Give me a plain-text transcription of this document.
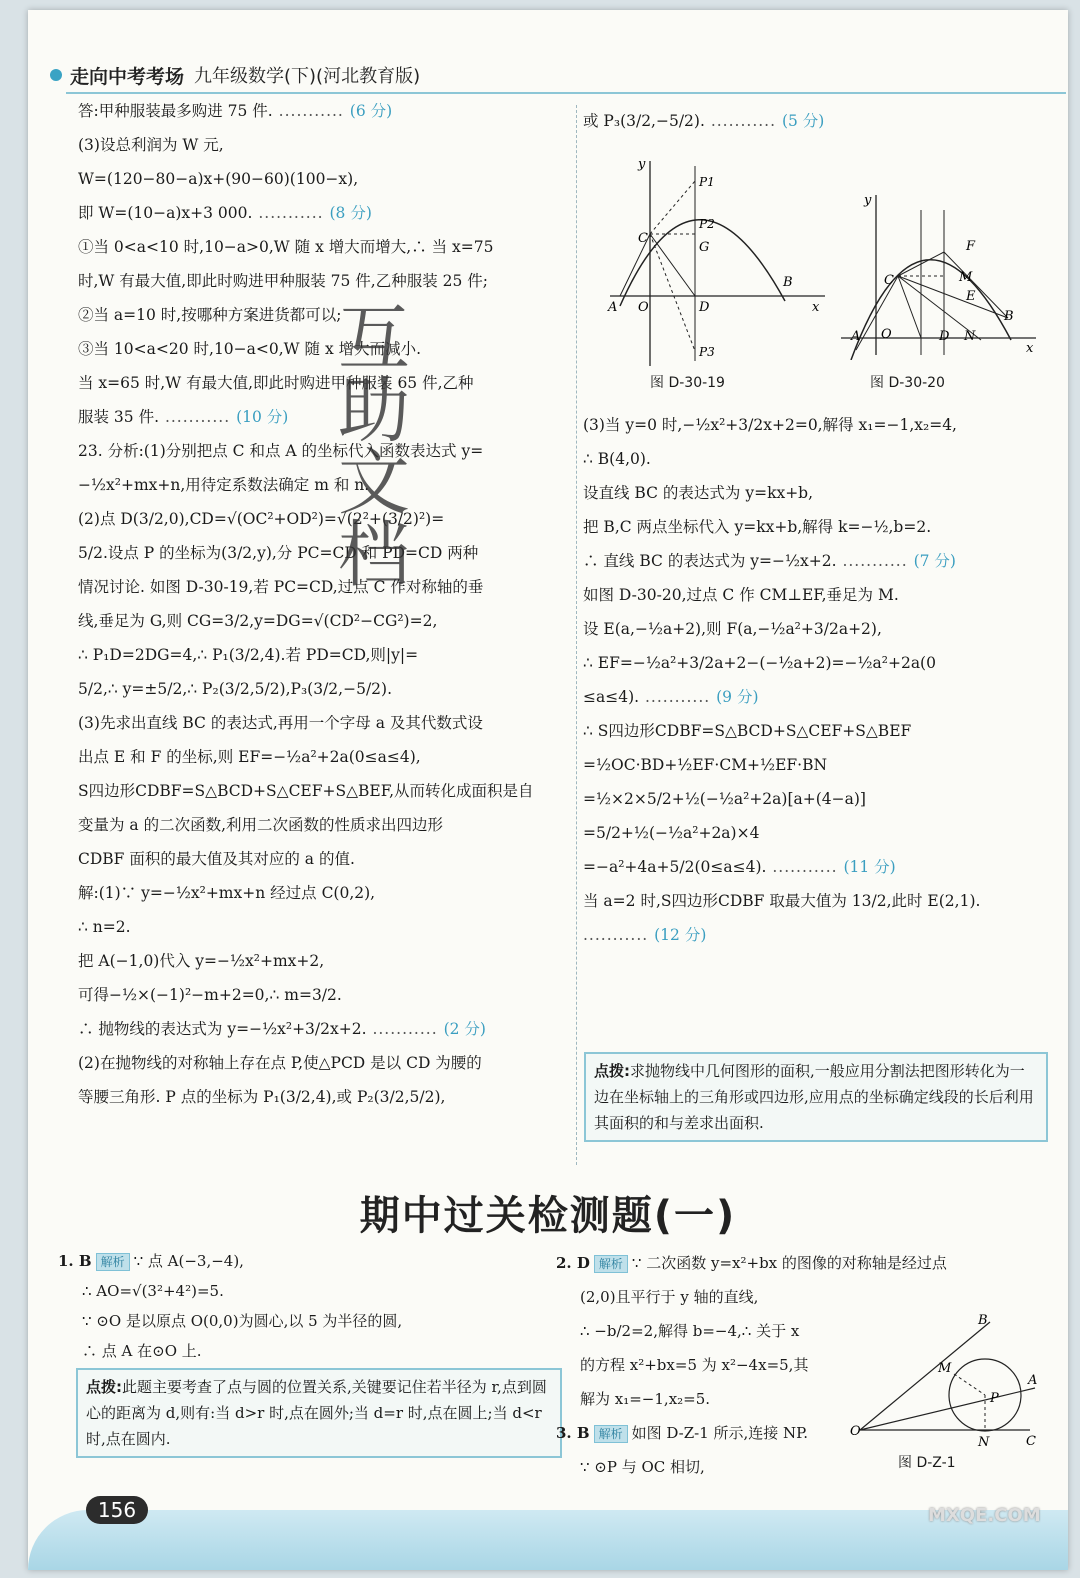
走向中考考场 九年级数学(下)(河北教育版)

答:甲种服装最多购进 75 件. ........... (6 分)

(3)设总利润为 W 元,

W=(120−80−a)x+(90−60)(100−x),

即 W=(10−a)x+3 000. ........... (8 分)

①当 0<a<10 时,10−a>0,W 随 x 增大而增大,∴ 当 x=75

时,W 有最大值,即此时购进甲种服装 75 件,乙种服装 25 件;

②当 a=10 时,按哪种方案进货都可以;

③当 10<a<20 时,10−a<0,W 随 x 增大而减小.

当 x=65 时,W 有最大值,即此时购进甲种服装 65 件,乙种

服装 35 件. ........... (10 分)

23. 分析:(1)分别把点 C 和点 A 的坐标代入函数表达式 y=

−½x²+mx+n,用待定系数法确定 m 和 n.

(2)点 D(3/2,0),CD=√(OC²+OD²)=√(2²+(3/2)²)=

5/2.设点 P 的坐标为(3/2,y),分 PC=CD 和 PD=CD 两种

情况讨论. 如图 D-30-19,若 PC=CD,过点 C 作对称轴的垂

线,垂足为 G,则 CG=3/2,y=DG=√(CD²−CG²)=2,

∴ P₁D=2DG=4,∴ P₁(3/2,4).若 PD=CD,则|y|=

5/2,∴ y=±5/2,∴ P₂(3/2,5/2),P₃(3/2,−5/2).

(3)先求出直线 BC 的表达式,再用一个字母 a 及其代数式设

出点 E 和 F 的坐标,则 EF=−½a²+2a(0≤a≤4),

S四边形CDBF=S△BCD+S△CEF+S△BEF,从而转化成面积是自

变量为 a 的二次函数,利用二次函数的性质求出四边形

CDBF 面积的最大值及其对应的 a 的值.

解:(1)∵ y=−½x²+mx+n 经过点 C(0,2),

∴ n=2.

把 A(−1,0)代入 y=−½x²+mx+2,

可得−½×(−1)²−m+2=0,∴ m=3/2.

∴ 抛物线的表达式为 y=−½x²+3/2x+2. ........... (2 分)

(2)在抛物线的对称轴上存在点 P,使△PCD 是以 CD 为腰的

等腰三角形. P 点的坐标为 P₁(3/2,4),或 P₂(3/2,5/2),

或 P₃(3/2,−5/2). ........... (5 分)

y
x
P1
P2
P3
C
G
A O	D
B
图 D-30-19
y
x
C
F
M
E
B
A O	D N
图 D-30-20

(3)当 y=0 时,−½x²+3/2x+2=0,解得 x₁=−1,x₂=4,

∴ B(4,0).

设直线 BC 的表达式为 y=kx+b,

把 B,C 两点坐标代入 y=kx+b,解得 k=−½,b=2.

∴ 直线 BC 的表达式为 y=−½x+2. ........... (7 分)

如图 D-30-20,过点 C 作 CM⊥EF,垂足为 M.

设 E(a,−½a+2),则 F(a,−½a²+3/2a+2),

∴ EF=−½a²+3/2a+2−(−½a+2)=−½a²+2a(0

≤a≤4). ........... (9 分)

∴ S四边形CDBF=S△BCD+S△CEF+S△BEF

=½OC·BD+½EF·CM+½EF·BN

=½×2×5/2+½(−½a²+2a)[a+(4−a)]

=5/2+½(−½a²+2a)×4

=−a²+4a+5/2(0≤a≤4). ........... (11 分)

当 a=2 时,S四边形CDBF 取最大值为 13/2,此时 E(2,1).

........... (12 分)

点拨:求抛物线中几何图形的面积,一般应用分割法把图形转化为一边在坐标轴上的三角形或四边形,应用点的坐标确定线段的长后利用其面积的和与差求出面积.
期中过关检测题(一)

1. B 解析 ∵ 点 A(−3,−4),

∴ AO=√(3²+4²)=5.

∵ ⊙O 是以原点 O(0,0)为圆心,以 5 为半径的圆,

∴ 点 A 在⊙O 上.

点拨:此题主要考查了点与圆的位置关系,关键要记住若半径为 r,点到圆心的距离为 d,则有:当 d>r 时,点在圆外;当 d=r 时,点在圆上;当 d<r 时,点在圆内.

2. D 解析 ∵ 二次函数 y=x²+bx 的图像的对称轴是经过点

(2,0)且平行于 y 轴的直线,

∴ −b/2=2,解得 b=−4,∴ 关于 x

的方程 x²+bx=5 为 x²−4x=5,其

解为 x₁=−1,x₂=5.

3. B 解析 如图 D-Z-1 所示,连接 NP.

∵ ⊙P 与 OC 相切,

B
M
A
P
O
N	C
图 D-Z-1
互助文档
156	MXQE.COM
